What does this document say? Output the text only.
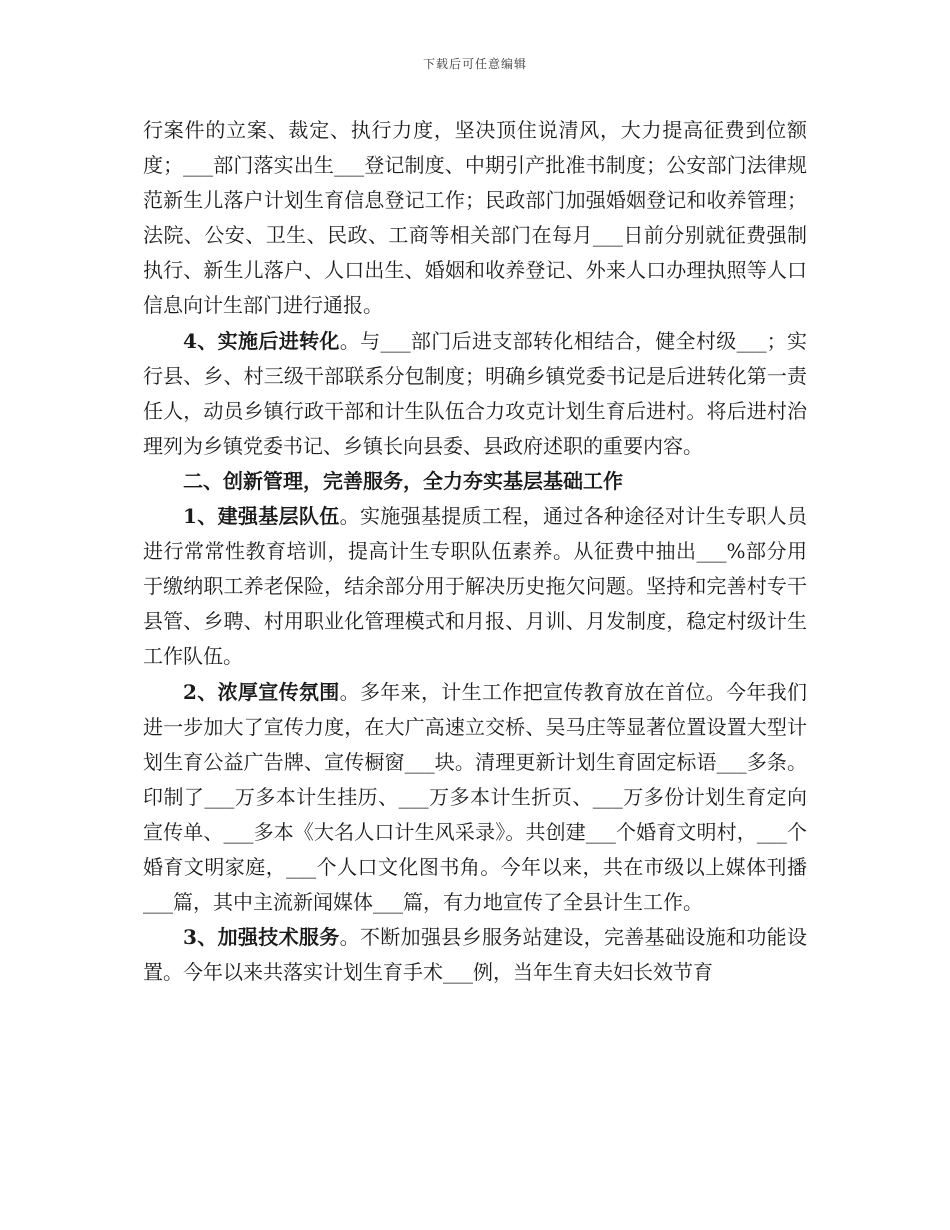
下载后可任意编辑

行案件的立案、裁定、执行力度，坚决顶住说清风，大力提高征费到位额度；___部门落实出生___登记制度、中期引产批准书制度；公安部门法律规范新生儿落户计划生育信息登记工作；民政部门加强婚姻登记和收养管理；法院、公安、卫生、民政、工商等相关部门在每月___日前分别就征费强制执行、新生儿落户、人口出生、婚姻和收养登记、外来人口办理执照等人口信息向计生部门进行通报。

4、实施后进转化。与___部门后进支部转化相结合，健全村级___；实行县、乡、村三级干部联系分包制度；明确乡镇党委书记是后进转化第一责任人，动员乡镇行政干部和计生队伍合力攻克计划生育后进村。将后进村治理列为乡镇党委书记、乡镇长向县委、县政府述职的重要内容。

二、创新管理，完善服务，全力夯实基层基础工作

1、建强基层队伍。实施强基提质工程，通过各种途径对计生专职人员进行常常性教育培训，提高计生专职队伍素养。从征费中抽出___%部分用于缴纳职工养老保险，结余部分用于解决历史拖欠问题。坚持和完善村专干县管、乡聘、村用职业化管理模式和月报、月训、月发制度，稳定村级计生工作队伍。

2、浓厚宣传氛围。多年来，计生工作把宣传教育放在首位。今年我们进一步加大了宣传力度，在大广高速立交桥、吴马庄等显著位置设置大型计划生育公益广告牌、宣传橱窗___块。清理更新计划生育固定标语___多条。印制了___万多本计生挂历、___万多本计生折页、___万多份计划生育定向宣传单、___多本《大名人口计生风采录》。共创建___个婚育文明村，___个婚育文明家庭，___个人口文化图书角。今年以来，共在市级以上媒体刊播___篇，其中主流新闻媒体___篇，有力地宣传了全县计生工作。

3、加强技术服务。不断加强县乡服务站建设，完善基础设施和功能设置。今年以来共落实计划生育手术___例，当年生育夫妇长效节育
